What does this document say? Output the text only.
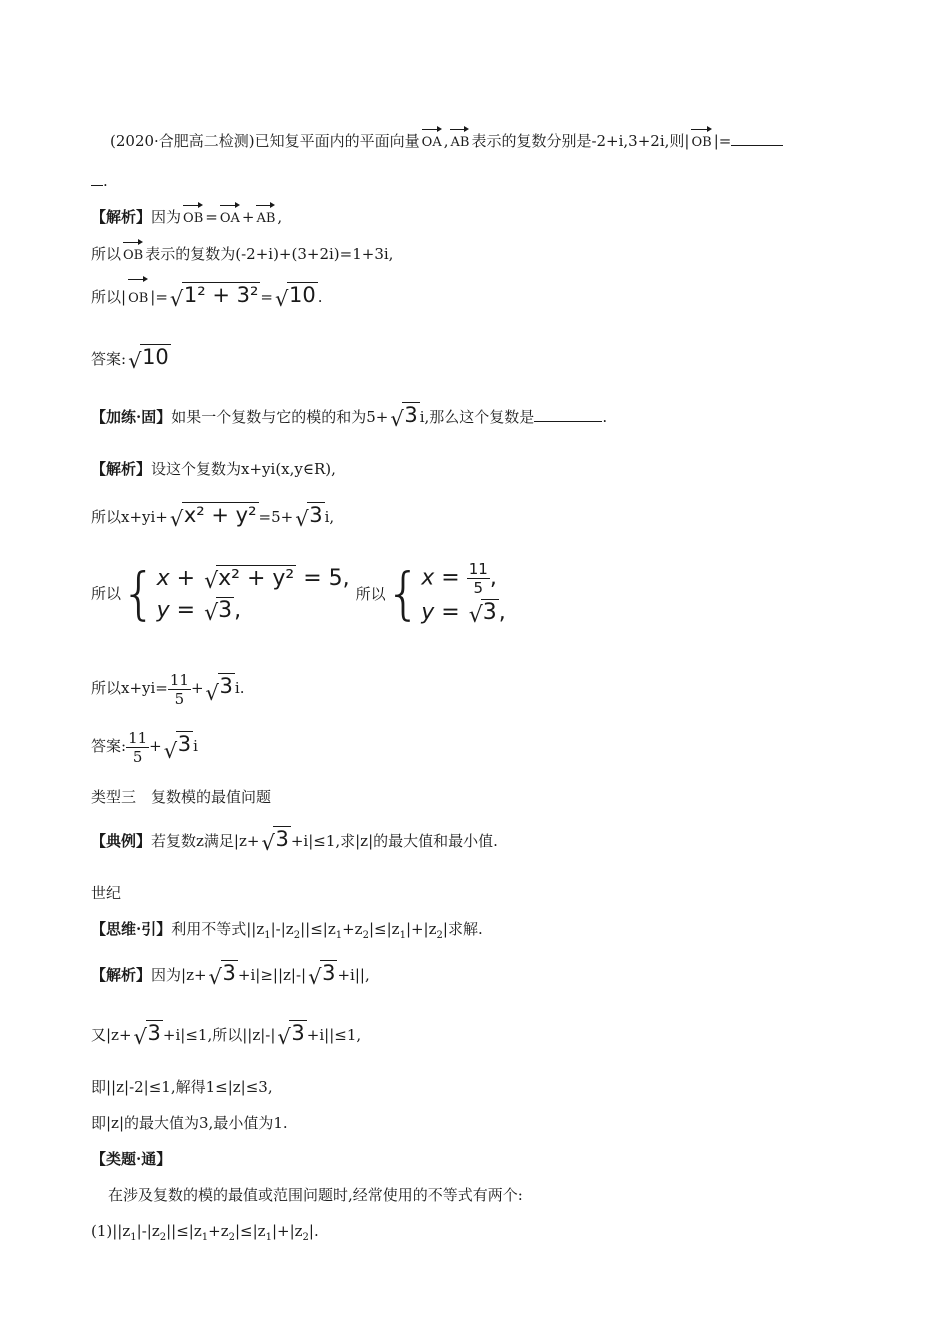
(2020·合肥高二检测)已知复平面内的平面向量 OA , AB 表示的复数分别是-2+i,3+2i,则| OB |=
.
【解析】因为 OB = OA + AB ,
所以 OB 表示的复数为(-2+i)+(3+2i)=1+3i,
所以| OB |= √ 1² + 3² = √ 10 .
答案: √ 10
【加练·固】如果一个复数与它的模的和为5+ √ 3 i,那么这个复数是	.
【解析】设这个复数为x+yi(x,y∈R),
所以x+yi+ √ x² + y² =5+ √ 3 i,
所以{ x + √ x² + y² = 5,
y = √ 3,
所以{ $x = \frac{11}{5}$ ,
y = √ 3,
所以$x+yi= \frac{11}{5}$ + √ 3 i.
答案: $\frac{11}{5}$ + √ 3 i
类型三　复数模的最值问题
【典例】若复数z满足|z+ √ 3 +i|≤1,求|z|的最大值和最小值.
世纪
【思维·引】利用不等式$||z_1|-|z_2||\le|z_1+z_2|\le|z_1|+|z_2|$求解.
【解析】因为|z+ √ 3 +i|≥||z|-| √ 3 +i||,
又|z+ √ 3 +i|≤1,所以||z|-| √ 3 +i||≤1,
即||z|-2|≤1,解得1≤|z|≤3,
即|z|的最大值为3,最小值为1.
【类题·通】
在涉及复数的模的最值或范围问题时,经常使用的不等式有两个:
$(1)||z_1|-|z_2||\le|z_1+z_2|\le|z_1|+|z_2|$.
